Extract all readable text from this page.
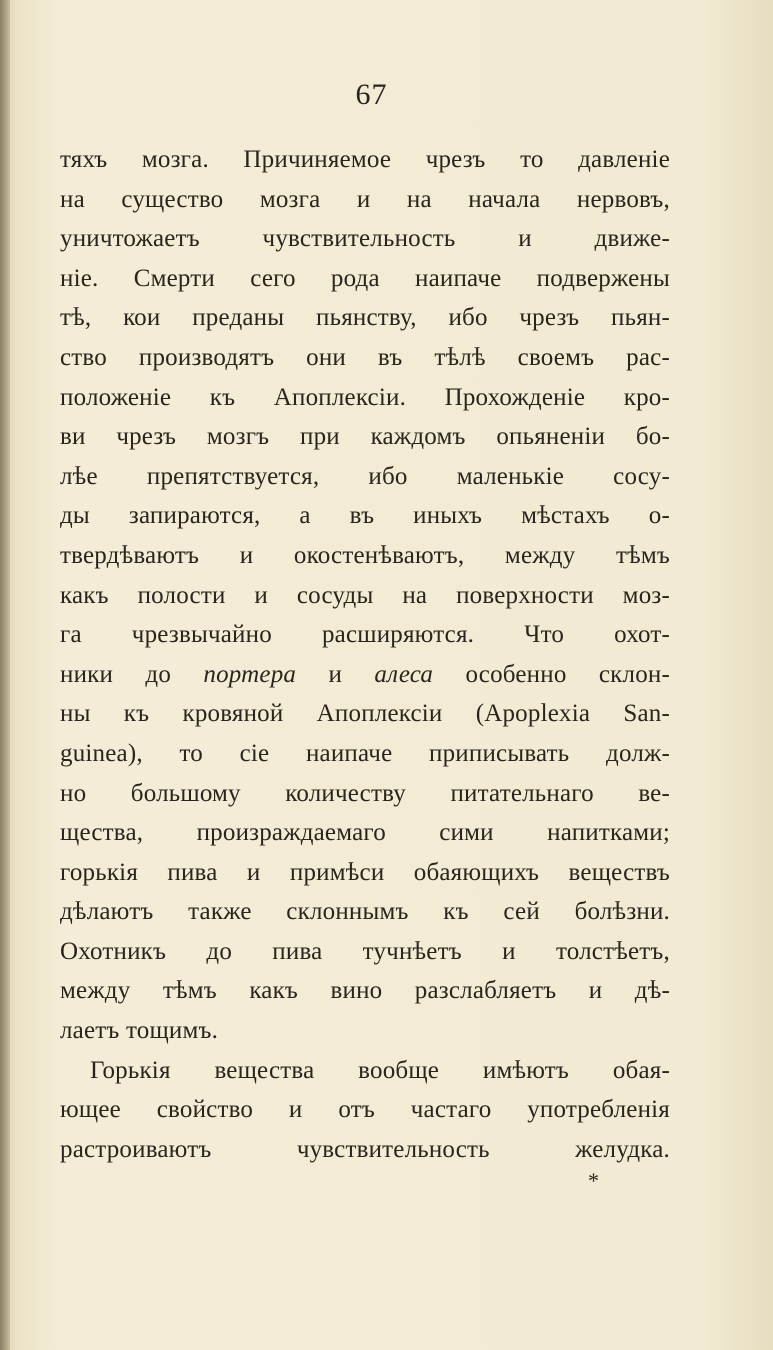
67
тяхъ мозга. Причиняемое чрезъ то давленіе
на существо мозга и на начала нервовъ,
уничтожаетъ чувствительность и движе-
ніе. Смерти сего рода наипаче подвержены
тѣ, кои преданы пьянству, ибо чрезъ пьян-
ство производятъ они въ тѣлѣ своемъ рас-
положеніе къ Апоплексіи. Прохожденіе кро-
ви чрезъ мозгъ при каждомъ опьяненіи бо-
лѣе препятствуется, ибо маленькіе сосу-
ды запираются, а въ иныхъ мѣстахъ о-
твердѣваютъ и окостенѣваютъ, между тѣмъ
какъ полости и сосуды на поверхности моз-
га чрезвычайно расширяются. Что охот-
ники до портера и алеса особенно склон-
ны къ кровяной Апоплексіи (Apoplexia San-
guinea), то сіе наипаче приписывать долж-
но большому количеству питательнаго ве-
щества, произраждаемаго сими напитками;
горькія пива и примѣси обаяющихъ веществъ
дѣлаютъ также склоннымъ къ сей болѣзни.
Охотникъ до пива тучнѣетъ и толстѣетъ,
между тѣмъ какъ вино разслабляетъ и дѣ-
лаетъ тощимъ.
Горькія вещества вообще имѣютъ обая-
ющее свойство и отъ частаго употребленія
растроиваютъ чувствительность желудка.
*
